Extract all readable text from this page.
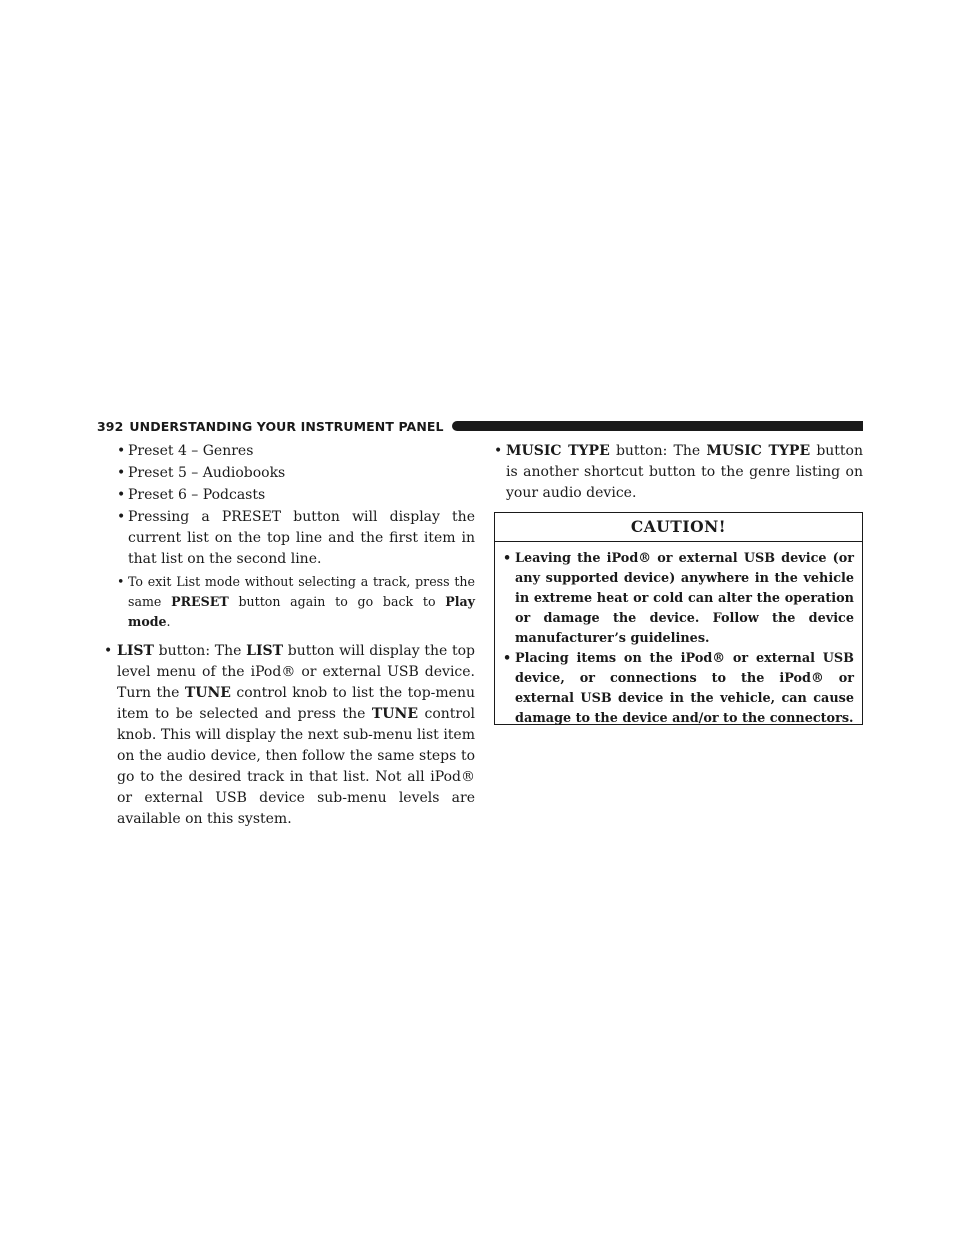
392 UNDERSTANDING YOUR INSTRUMENT PANEL
• Preset 4 – Genres
• Preset 5 – Audiobooks
• Preset 6 – Podcasts
• Pressing a PRESET button will display the current list on the top line and the first item in that list on the second line.
• To exit List mode without selecting a track, press the same PRESET button again to go back to Play mode.
• LIST button: The LIST button will display the top level menu of the iPod® or external USB device. Turn the TUNE control knob to list the top-menu item to be selected and press the TUNE control knob. This will display the next sub-menu list item on the audio device, then follow the same steps to go to the desired track in that list. Not all iPod® or external USB device sub-menu levels are available on this system.
• MUSIC TYPE button: The MUSIC TYPE button is another shortcut button to the genre listing on your audio device.
CAUTION!
• Leaving the iPod® or external USB device (or any supported device) anywhere in the vehicle in extreme heat or cold can alter the operation or damage the device. Follow the device manufacturer’s guidelines.
• Placing items on the iPod® or external USB device, or connections to the iPod® or external USB device in the vehicle, can cause damage to the device and/or to the connectors.
